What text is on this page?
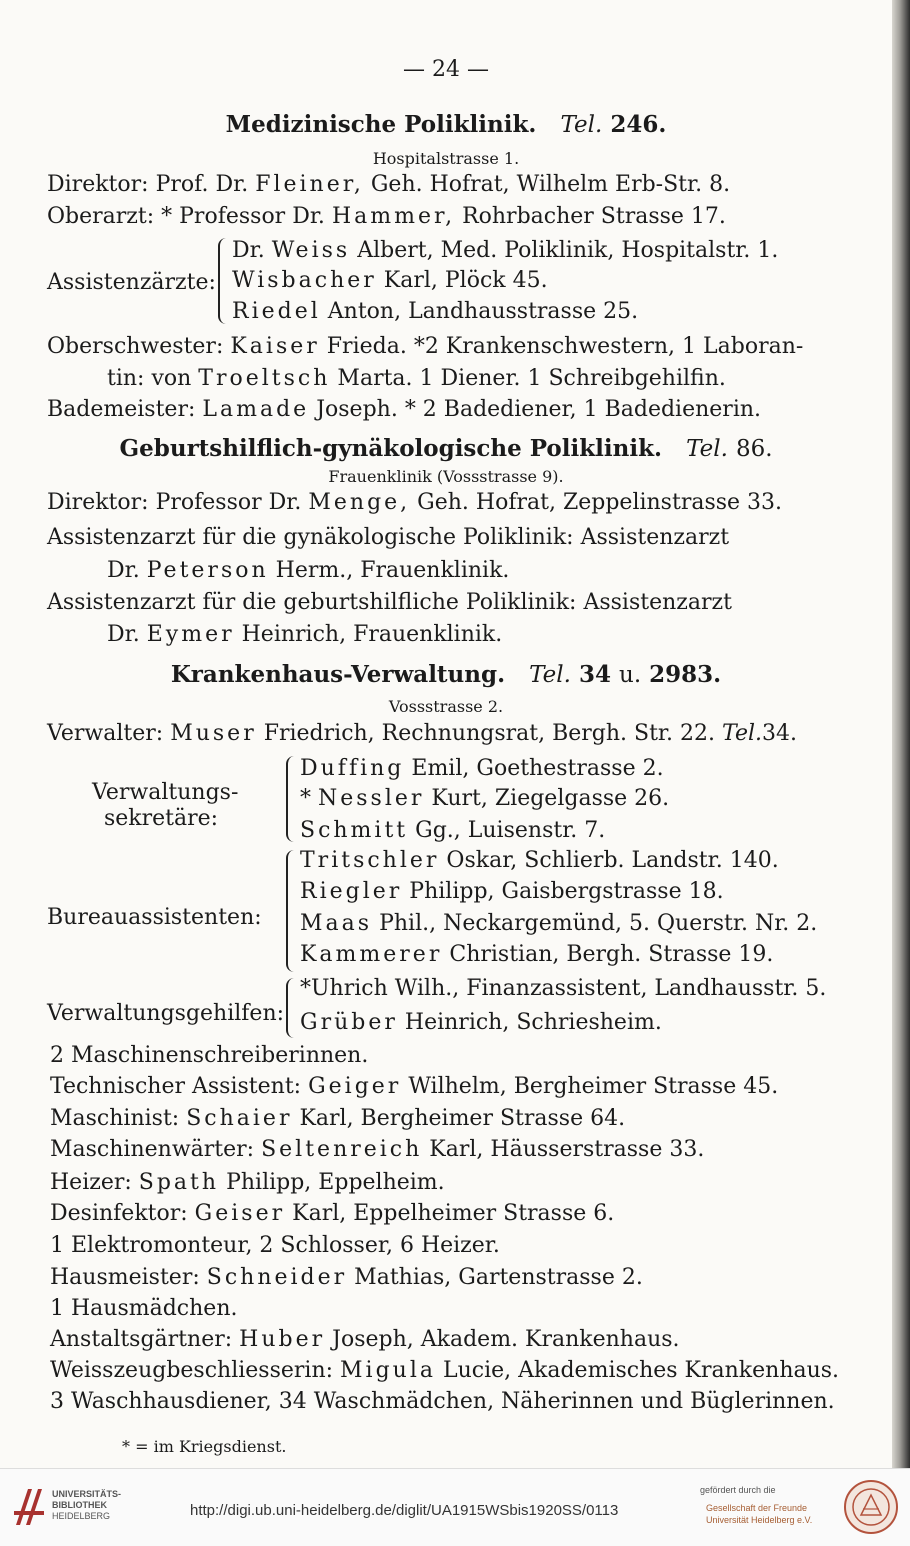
— 24 —
Medizinische Poliklinik. Tel. 246.
Hospitalstrasse 1.
Direktor: Prof. Dr. Fleiner, Geh. Hofrat, Wilhelm Erb-Str. 8.
Oberarzt: * Professor Dr. Hammer, Rohrbacher Strasse 17.
Assistenzärzte:
Dr. Weiss Albert, Med. Poliklinik, Hospitalstr. 1.
Wisbacher Karl, Plöck 45.
Riedel Anton, Landhausstrasse 25.
Oberschwester: Kaiser Frieda. *2 Krankenschwestern, 1 Laboran-
tin: von Troeltsch Marta. 1 Diener. 1 Schreibgehilfin.
Bademeister: Lamade Joseph. * 2 Badediener, 1 Badedienerin.
Geburtshilflich-gynäkologische Poliklinik. Tel. 86.
Frauenklinik (Vossstrasse 9).
Direktor: Professor Dr. Menge, Geh. Hofrat, Zeppelinstrasse 33.
Assistenzarzt für die gynäkologische Poliklinik: Assistenzarzt
Dr. Peterson Herm., Frauenklinik.
Assistenzarzt für die geburtshilfliche Poliklinik: Assistenzarzt
Dr. Eymer Heinrich, Frauenklinik.
Krankenhaus-Verwaltung. Tel. 34 u. 2983.
Vossstrasse 2.
Verwalter: Muser Friedrich, Rechnungsrat, Bergh. Str. 22. Tel.34.
Verwaltungs-
sekretäre:
Duffing Emil, Goethestrasse 2.
* Nessler Kurt, Ziegelgasse 26.
Schmitt Gg., Luisenstr. 7.
Bureauassistenten:
Tritschler Oskar, Schlierb. Landstr. 140.
Riegler Philipp, Gaisbergstrasse 18.
Maas Phil., Neckargemünd, 5. Querstr. Nr. 2.
Kammerer Christian, Bergh. Strasse 19.
Verwaltungsgehilfen:
*Uhrich Wilh., Finanzassistent, Landhausstr. 5.
Grüber Heinrich, Schriesheim.
2 Maschinenschreiberinnen.
Technischer Assistent: Geiger Wilhelm, Bergheimer Strasse 45.
Maschinist: Schaier Karl, Bergheimer Strasse 64.
Maschinenwärter: Seltenreich Karl, Häusserstrasse 33.
Heizer: Spath Philipp, Eppelheim.
Desinfektor: Geiser Karl, Eppelheimer Strasse 6.
1 Elektromonteur, 2 Schlosser, 6 Heizer.
Hausmeister: Schneider Mathias, Gartenstrasse 2.
1 Hausmädchen.
Anstaltsgärtner: Huber Joseph, Akadem. Krankenhaus.
Weisszeugbeschliesserin: Migula Lucie, Akademisches Krankenhaus.
3 Waschhausdiener, 34 Waschmädchen, Näherinnen und Büglerinnen.
* = im Kriegsdienst.
UNIVERSITÄTS-
BIBLIOTHEK
HEIDELBERG	http://digi.ub.uni-heidelberg.de/diglit/UA1915WSbis1920SS/0113
gefördert durch die
Gesellschaft der Freunde
Universität Heidelberg e.V.
